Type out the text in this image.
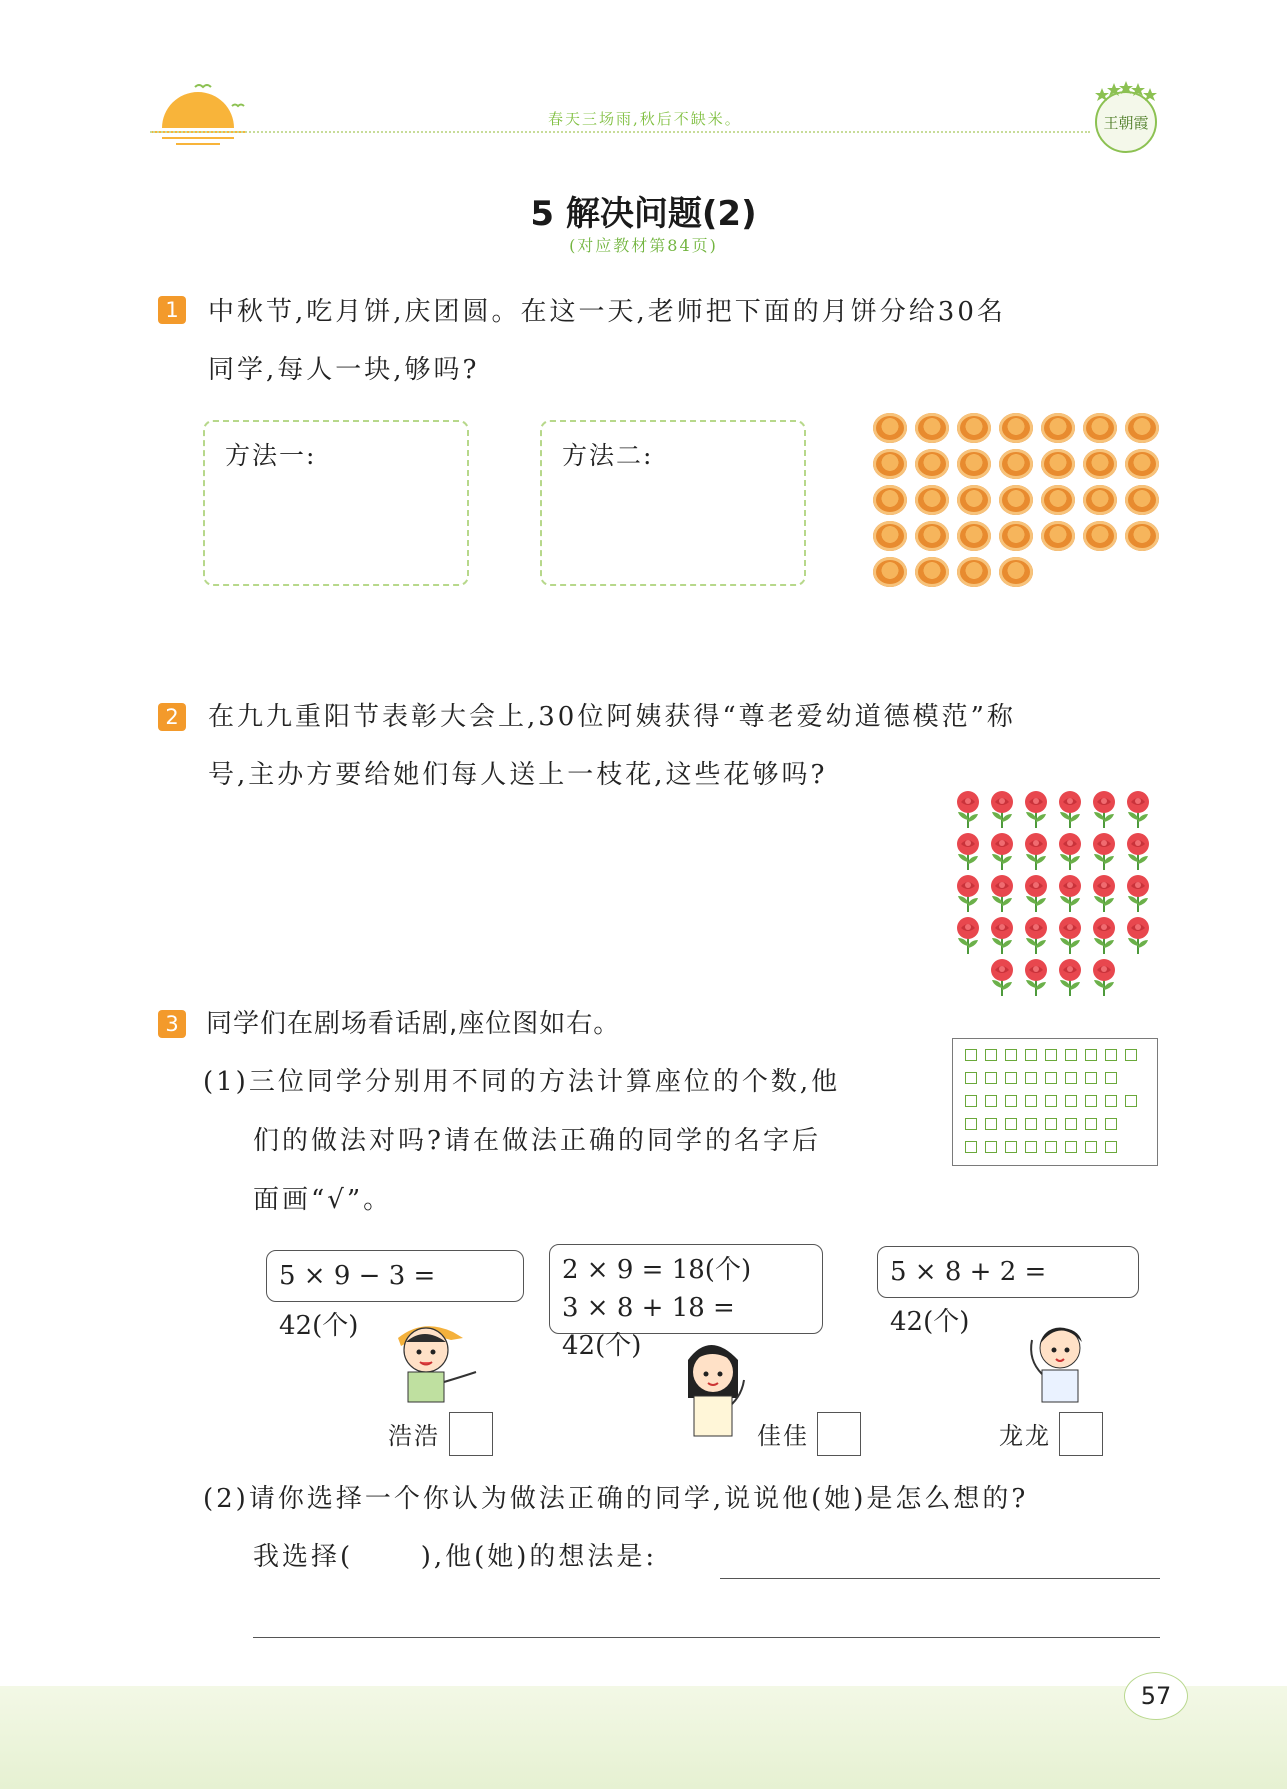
春天三场雨,秋后不缺米。	王朝霞
5 解决问题(2)
(对应教材第84页)
1 中秋节,吃月饼,庆团圆。在这一天,老师把下面的月饼分给30名
同学,每人一块,够吗?
方法一:	方法二:
2 在九九重阳节表彰大会上,30位阿姨获得“尊老爱幼道德模范”称
号,主办方要给她们每人送上一枝花,这些花够吗?
3 同学们在剧场看话剧,座位图如右。
(1)三位同学分别用不同的方法计算座位的个数,他
们的做法对吗?请在做法正确的同学的名字后
面画“√”。
5 × 9 − 3 = 42(个)
2 × 9 = 18(个)
3 × 8 + 18 = 42(个)
5 × 8 + 2 = 42(个)
浩浩	佳佳	龙龙
(2)请你选择一个你认为做法正确的同学,说说他(她)是怎么想的?
我选择(      ),他(她)的想法是:
57
